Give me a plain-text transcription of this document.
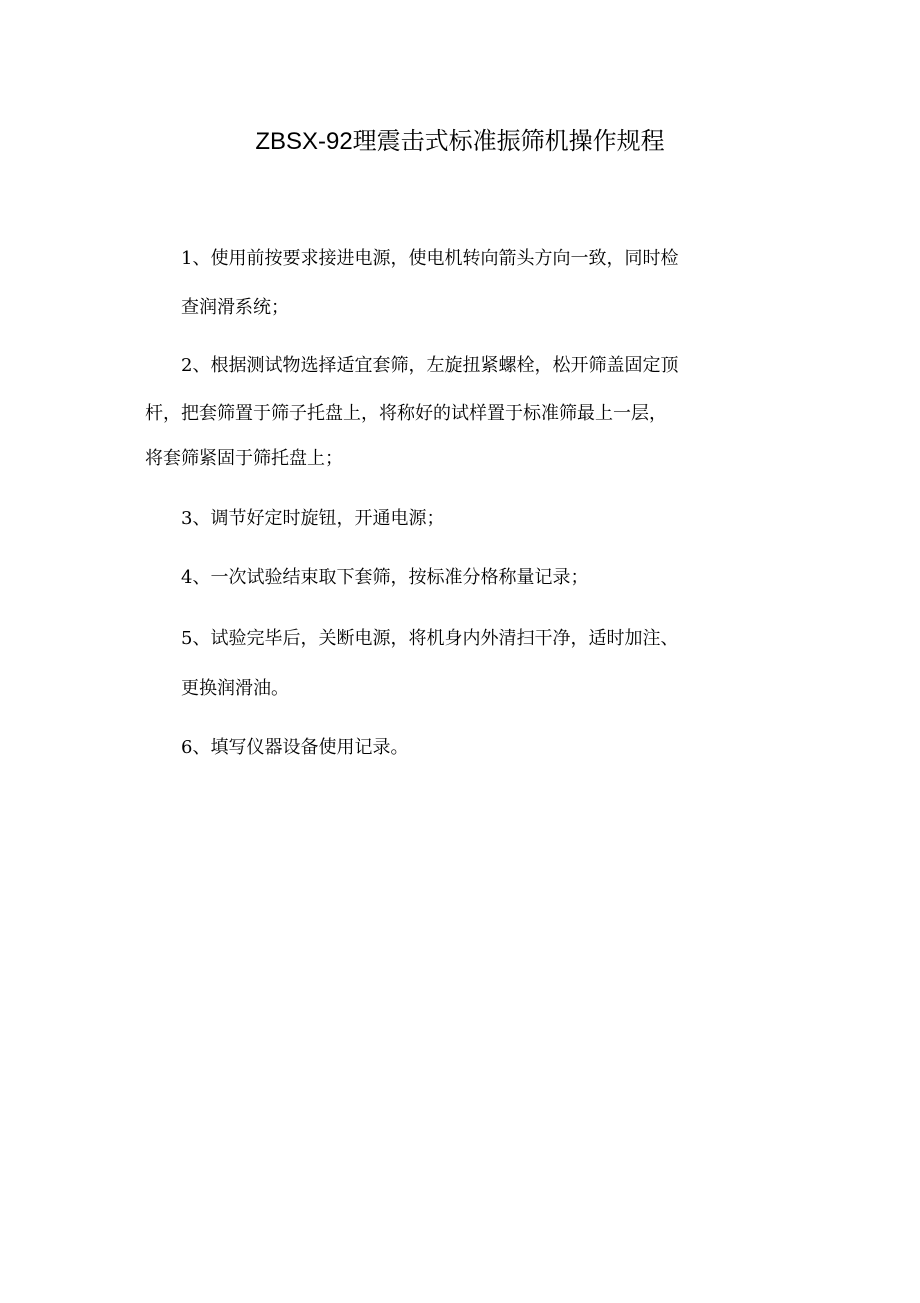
ZBSX-92理震击式标准振筛机操作规程
1、使用前按要求接进电源，使电机转向箭头方向一致，同时检
查润滑系统；
2、根据测试物选择适宜套筛，左旋扭紧螺栓，松开筛盖固定顶
杆，把套筛置于筛子托盘上，将称好的试样置于标准筛最上一层，
将套筛紧固于筛托盘上；
3、调节好定时旋钮，开通电源；
4、一次试验结束取下套筛，按标准分格称量记录；
5、试验完毕后，关断电源，将机身内外清扫干净，适时加注、
更换润滑油。
6、填写仪器设备使用记录。
